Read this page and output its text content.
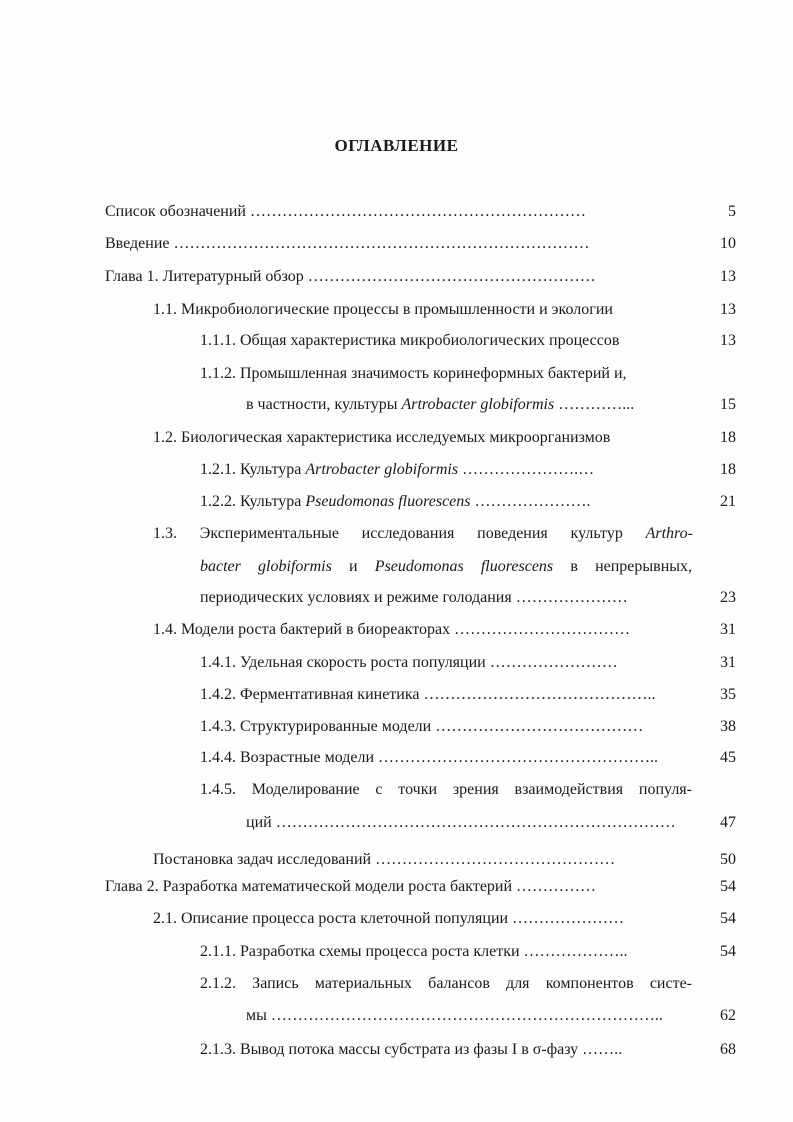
ОГЛАВЛЕНИЕ
Список обозначений ………………………………………………………	5
Введение ……………………………………………………………………	10
Глава 1. Литературный обзор ………………………………………………	13
1.1. Микробиологические процессы в промышленности и экологии	13
1.1.1. Общая характеристика микробиологических процессов	13
1.1.2. Промышленная значимость коринеформных бактерий и,
в частности, культуры Artrobacter globiformis …………...	15
1.2. Биологическая характеристика исследуемых микроорганизмов	18
1.2.1. Культура Artrobacter globiformis ………………….…	18
1.2.2. Культура Pseudomonas fluorescens ………………….	21
1.3. Экспериментальные исследования поведения культур Arthro-
bacter globiformis и Pseudomonas fluorescens в непрерывных,
периодических условиях и режиме голодания …………………	23
1.4. Модели роста бактерий в биореакторах ……………………………	31
1.4.1. Удельная скорость роста популяции ……………………	31
1.4.2. Ферментативная кинетика ……………………………………..	35
1.4.3. Структурированные модели …………………………………	38
1.4.4. Возрастные модели ……………………………………………..	45
1.4.5. Моделирование с точки зрения взаимодействия популя-
ций …………………………………………………………………	47
Постановка задач исследований ………………………………………	50
Глава 2. Разработка математической модели роста бактерий ……………	54
2.1. Описание процесса роста клеточной популяции …………………	54
2.1.1. Разработка схемы процесса роста клетки ………………..	54
2.1.2. Запись материальных балансов для компонентов систе-
мы ………………………………………………………………..	62
2.1.3. Вывод потока массы субстрата из фазы I в σ-фазу ……..	68
